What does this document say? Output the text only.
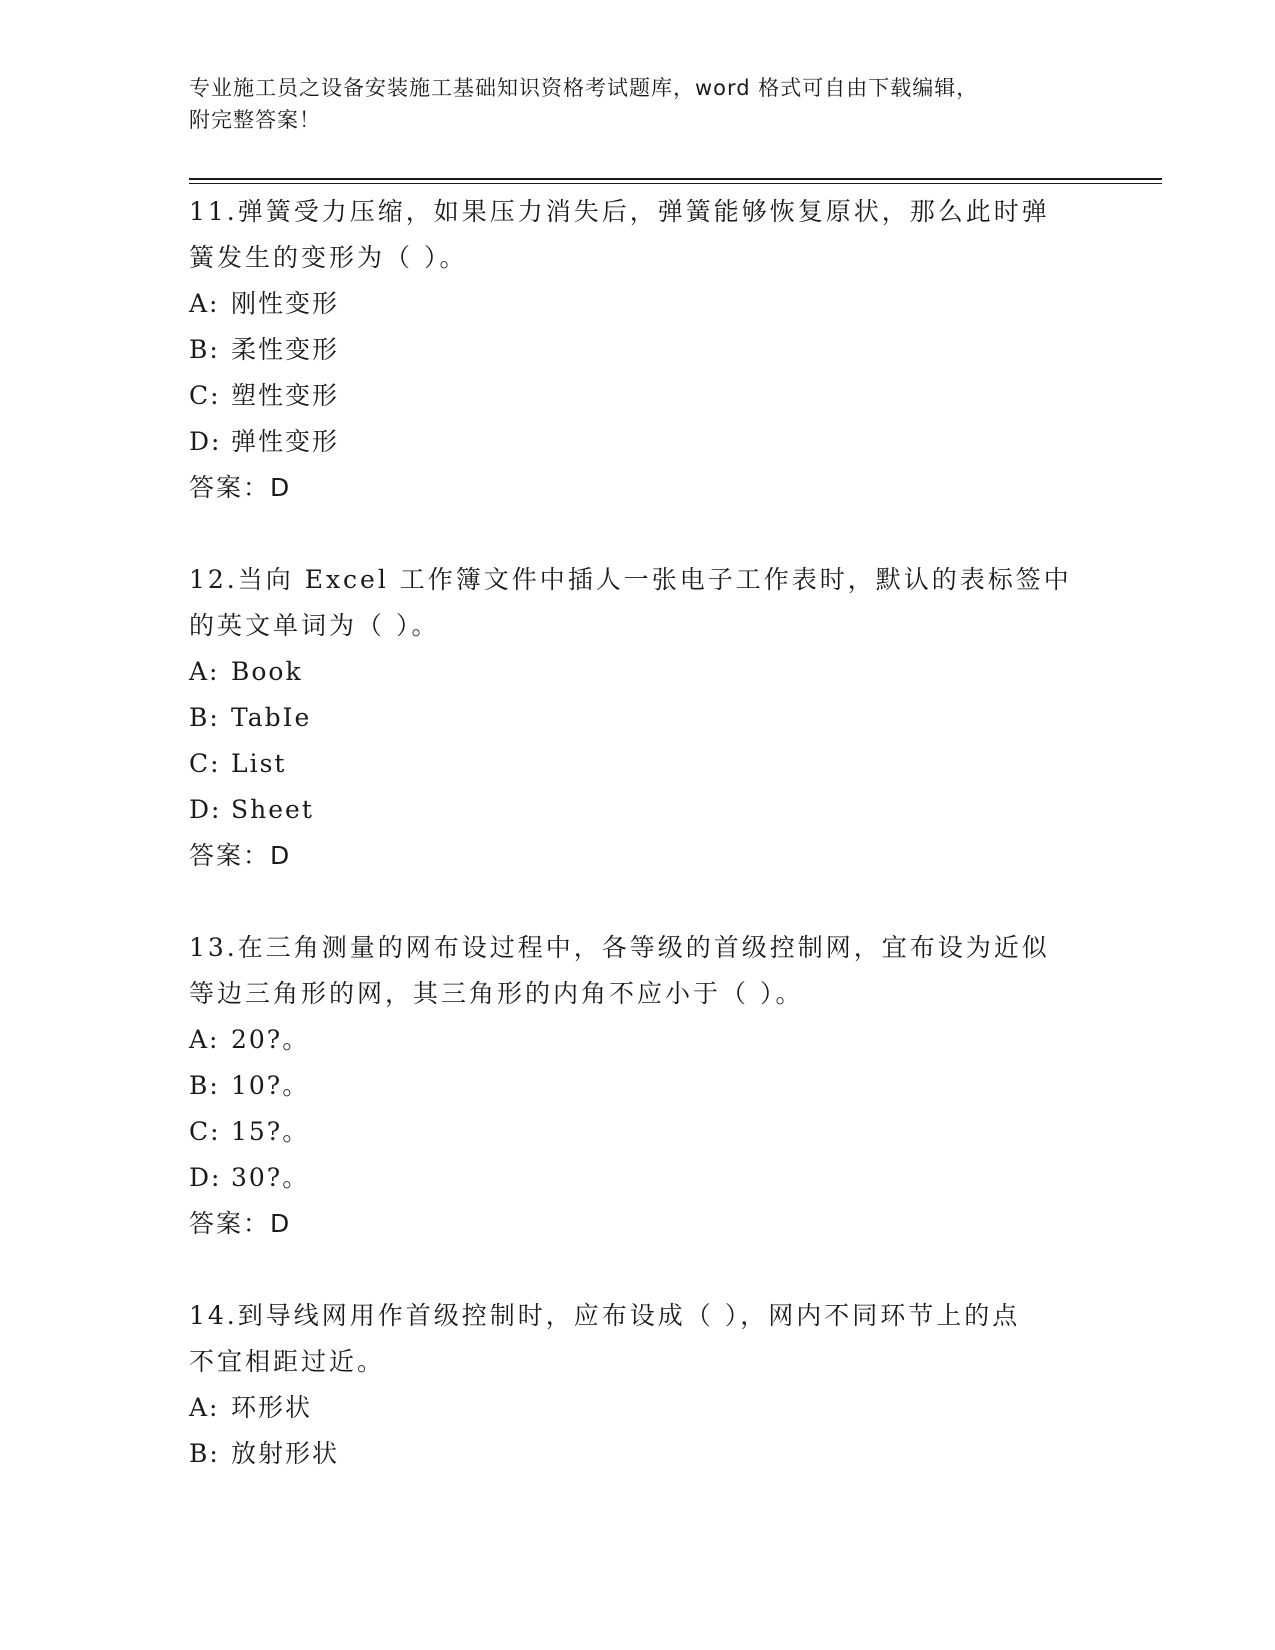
专业施工员之设备安装施工基础知识资格考试题库，word 格式可自由下载编辑，
附完整答案！
11.弹簧受力压缩，如果压力消失后，弹簧能够恢复原状，那么此时弹
簧发生的变形为（ ）。
A: 刚性变形
B: 柔性变形
C: 塑性变形
D: 弹性变形
答案：D
12.当向 Excel 工作簿文件中插人一张电子工作表时，默认的表标签中
的英文单词为（ ）。
A: Book
B: TabIe
C: List
D: Sheet
答案：D
13.在三角测量的网布设过程中，各等级的首级控制网，宜布设为近似
等边三角形的网，其三角形的内角不应小于（ ）。
A: 20?。
B: 10?。
C: 15?。
D: 30?。
答案：D
14.到导线网用作首级控制时，应布设成（ ），网内不同环节上的点
不宜相距过近。
A: 环形状
B: 放射形状
